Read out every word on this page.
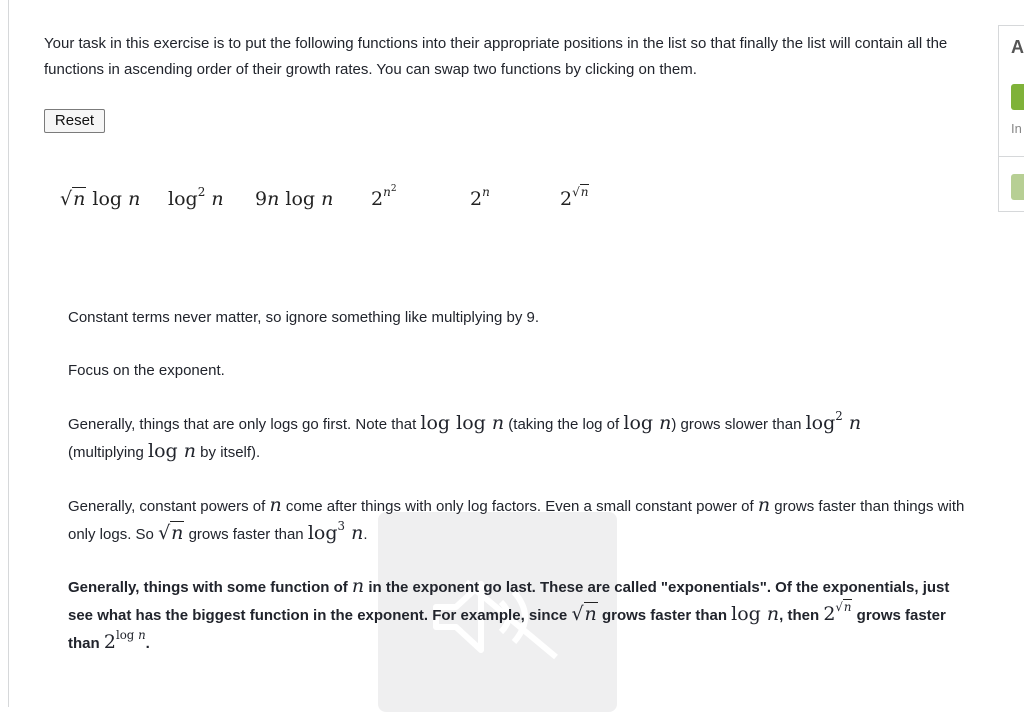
Your task in this exercise is to put the following functions into their appropriate positions in the list so that finally the list will contain all the functions in ascending order of their growth rates. You can swap two functions by clicking on them.

Reset
√n log n $\log^2 n$ 9n log n $2^{n^2}$	2$^n$	$2^{√n}$
Constant terms never matter, so ignore something like multiplying by 9.
Focus on the exponent.
Generally, things that are only logs go first. Note that log log n (taking the log of log n) grows slower than $\log^2 n$
(multiplying log n by itself).
Generally, constant powers of n come after things with only log factors. Even a small constant power of n grows faster than things with only logs. So √n grows faster than $\log^3 n$.
Generally, things with some function of n in the exponent go last. These are called "exponentials". Of the exponentials, just see what has the biggest function in the exponent. For example, since √n grows faster than log n, then $2^{√n}$ grows faster than $2^{log n}$.
A
In
